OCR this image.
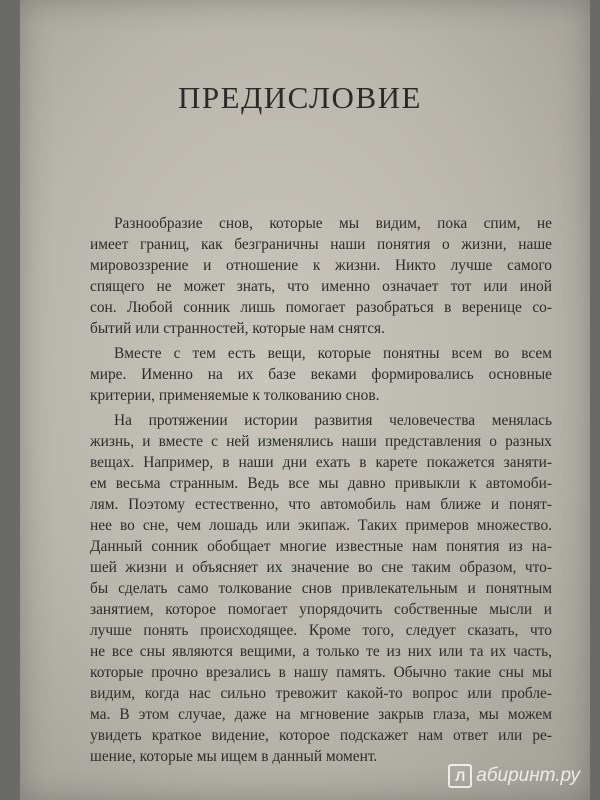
ПРЕДИСЛОВИЕ
Разнообразие снов, которые мы видим, пока спим, не
имеет границ, как безграничны наши понятия о жизни, наше
мировоззрение и отношение к жизни. Никто лучше самого
спящего не может знать, что именно означает тот или иной
сон. Любой сонник лишь помогает разобраться в веренице со-
бытий или странностей, которые нам снятся.
Вместе с тем есть вещи, которые понятны всем во всем
мире. Именно на их базе веками формировались основные
критерии, применяемые к толкованию снов.
На протяжении истории развития человечества менялась
жизнь, и вместе с ней изменялись наши представления о разных
вещах. Например, в наши дни ехать в карете покажется заняти-
ем весьма странным. Ведь все мы давно привыкли к автомоби-
лям. Поэтому естественно, что автомобиль нам ближе и понят-
нее во сне, чем лошадь или экипаж. Таких примеров множество.
Данный сонник обобщает многие известные нам понятия из на-
шей жизни и объясняет их значение во сне таким образом, что-
бы сделать само толкование снов привлекательным и понятным
занятием, которое помогает упорядочить собственные мысли и
лучше понять происходящее. Кроме того, следует сказать, что
не все сны являются вещими, а только те из них или та их часть,
которые прочно врезались в нашу память. Обычно такие сны мы
видим, когда нас сильно тревожит какой-то вопрос или пробле-
ма. В этом случае, даже на мгновение закрыв глаза, мы можем
увидеть краткое видение, которое подскажет нам ответ или ре-
шение, которые мы ищем в данный момент.
Л абиринт.ру
